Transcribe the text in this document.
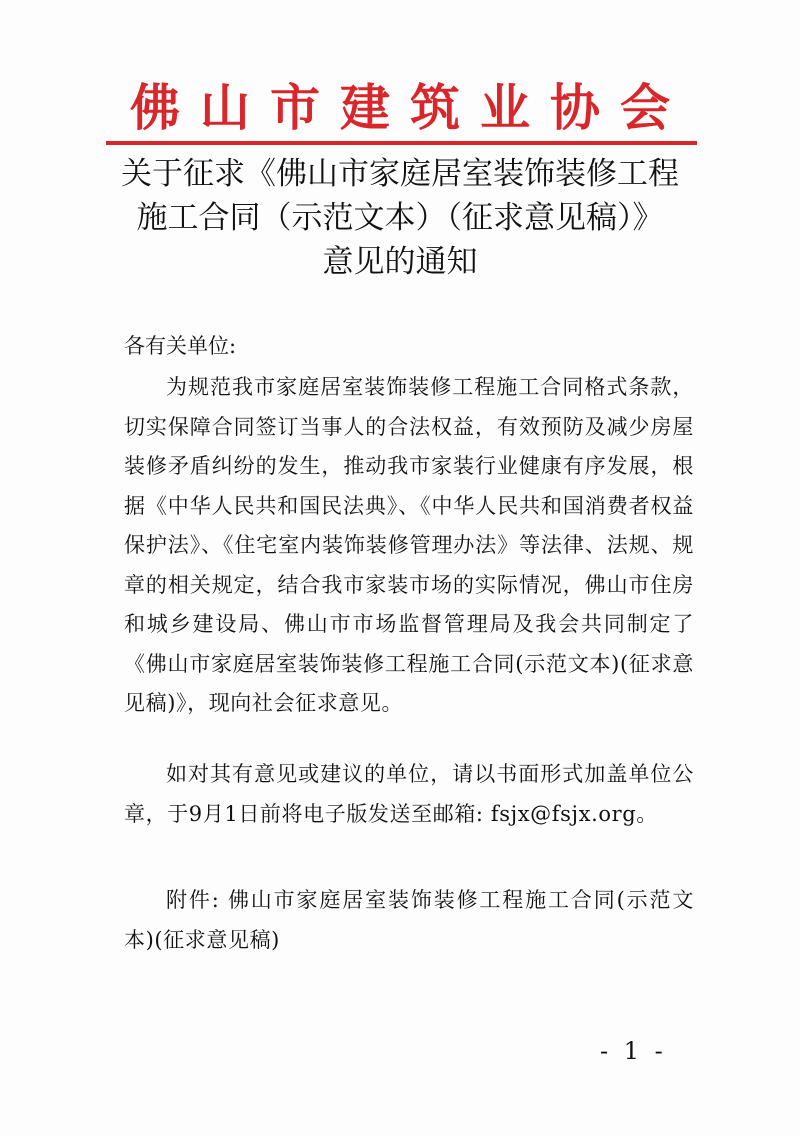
佛山市建筑业协会
关于征求《佛山市家庭居室装饰装修工程
施工合同（示范文本）（征求意见稿）》
意见的通知
各有关单位:
为规范我市家庭居室装饰装修工程施工合同格式条款，切实保障合同签订当事人的合法权益，有效预防及减少房屋装修矛盾纠纷的发生，推动我市家装行业健康有序发展，根据《中华人民共和国民法典》、《中华人民共和国消费者权益保护法》、《住宅室内装饰装修管理办法》等法律、法规、规章的相关规定，结合我市家装市场的实际情况，佛山市住房和城乡建设局、佛山市市场监督管理局及我会共同制定了《佛山市家庭居室装饰装修工程施工合同(示范文本)(征求意见稿)》，现向社会征求意见。
如对其有意见或建议的单位，请以书面形式加盖单位公章，于9月1日前将电子版发送至邮箱: fsjx@fsjx.org。
附件: 佛山市家庭居室装饰装修工程施工合同(示范文本)(征求意见稿)
- 1 -
